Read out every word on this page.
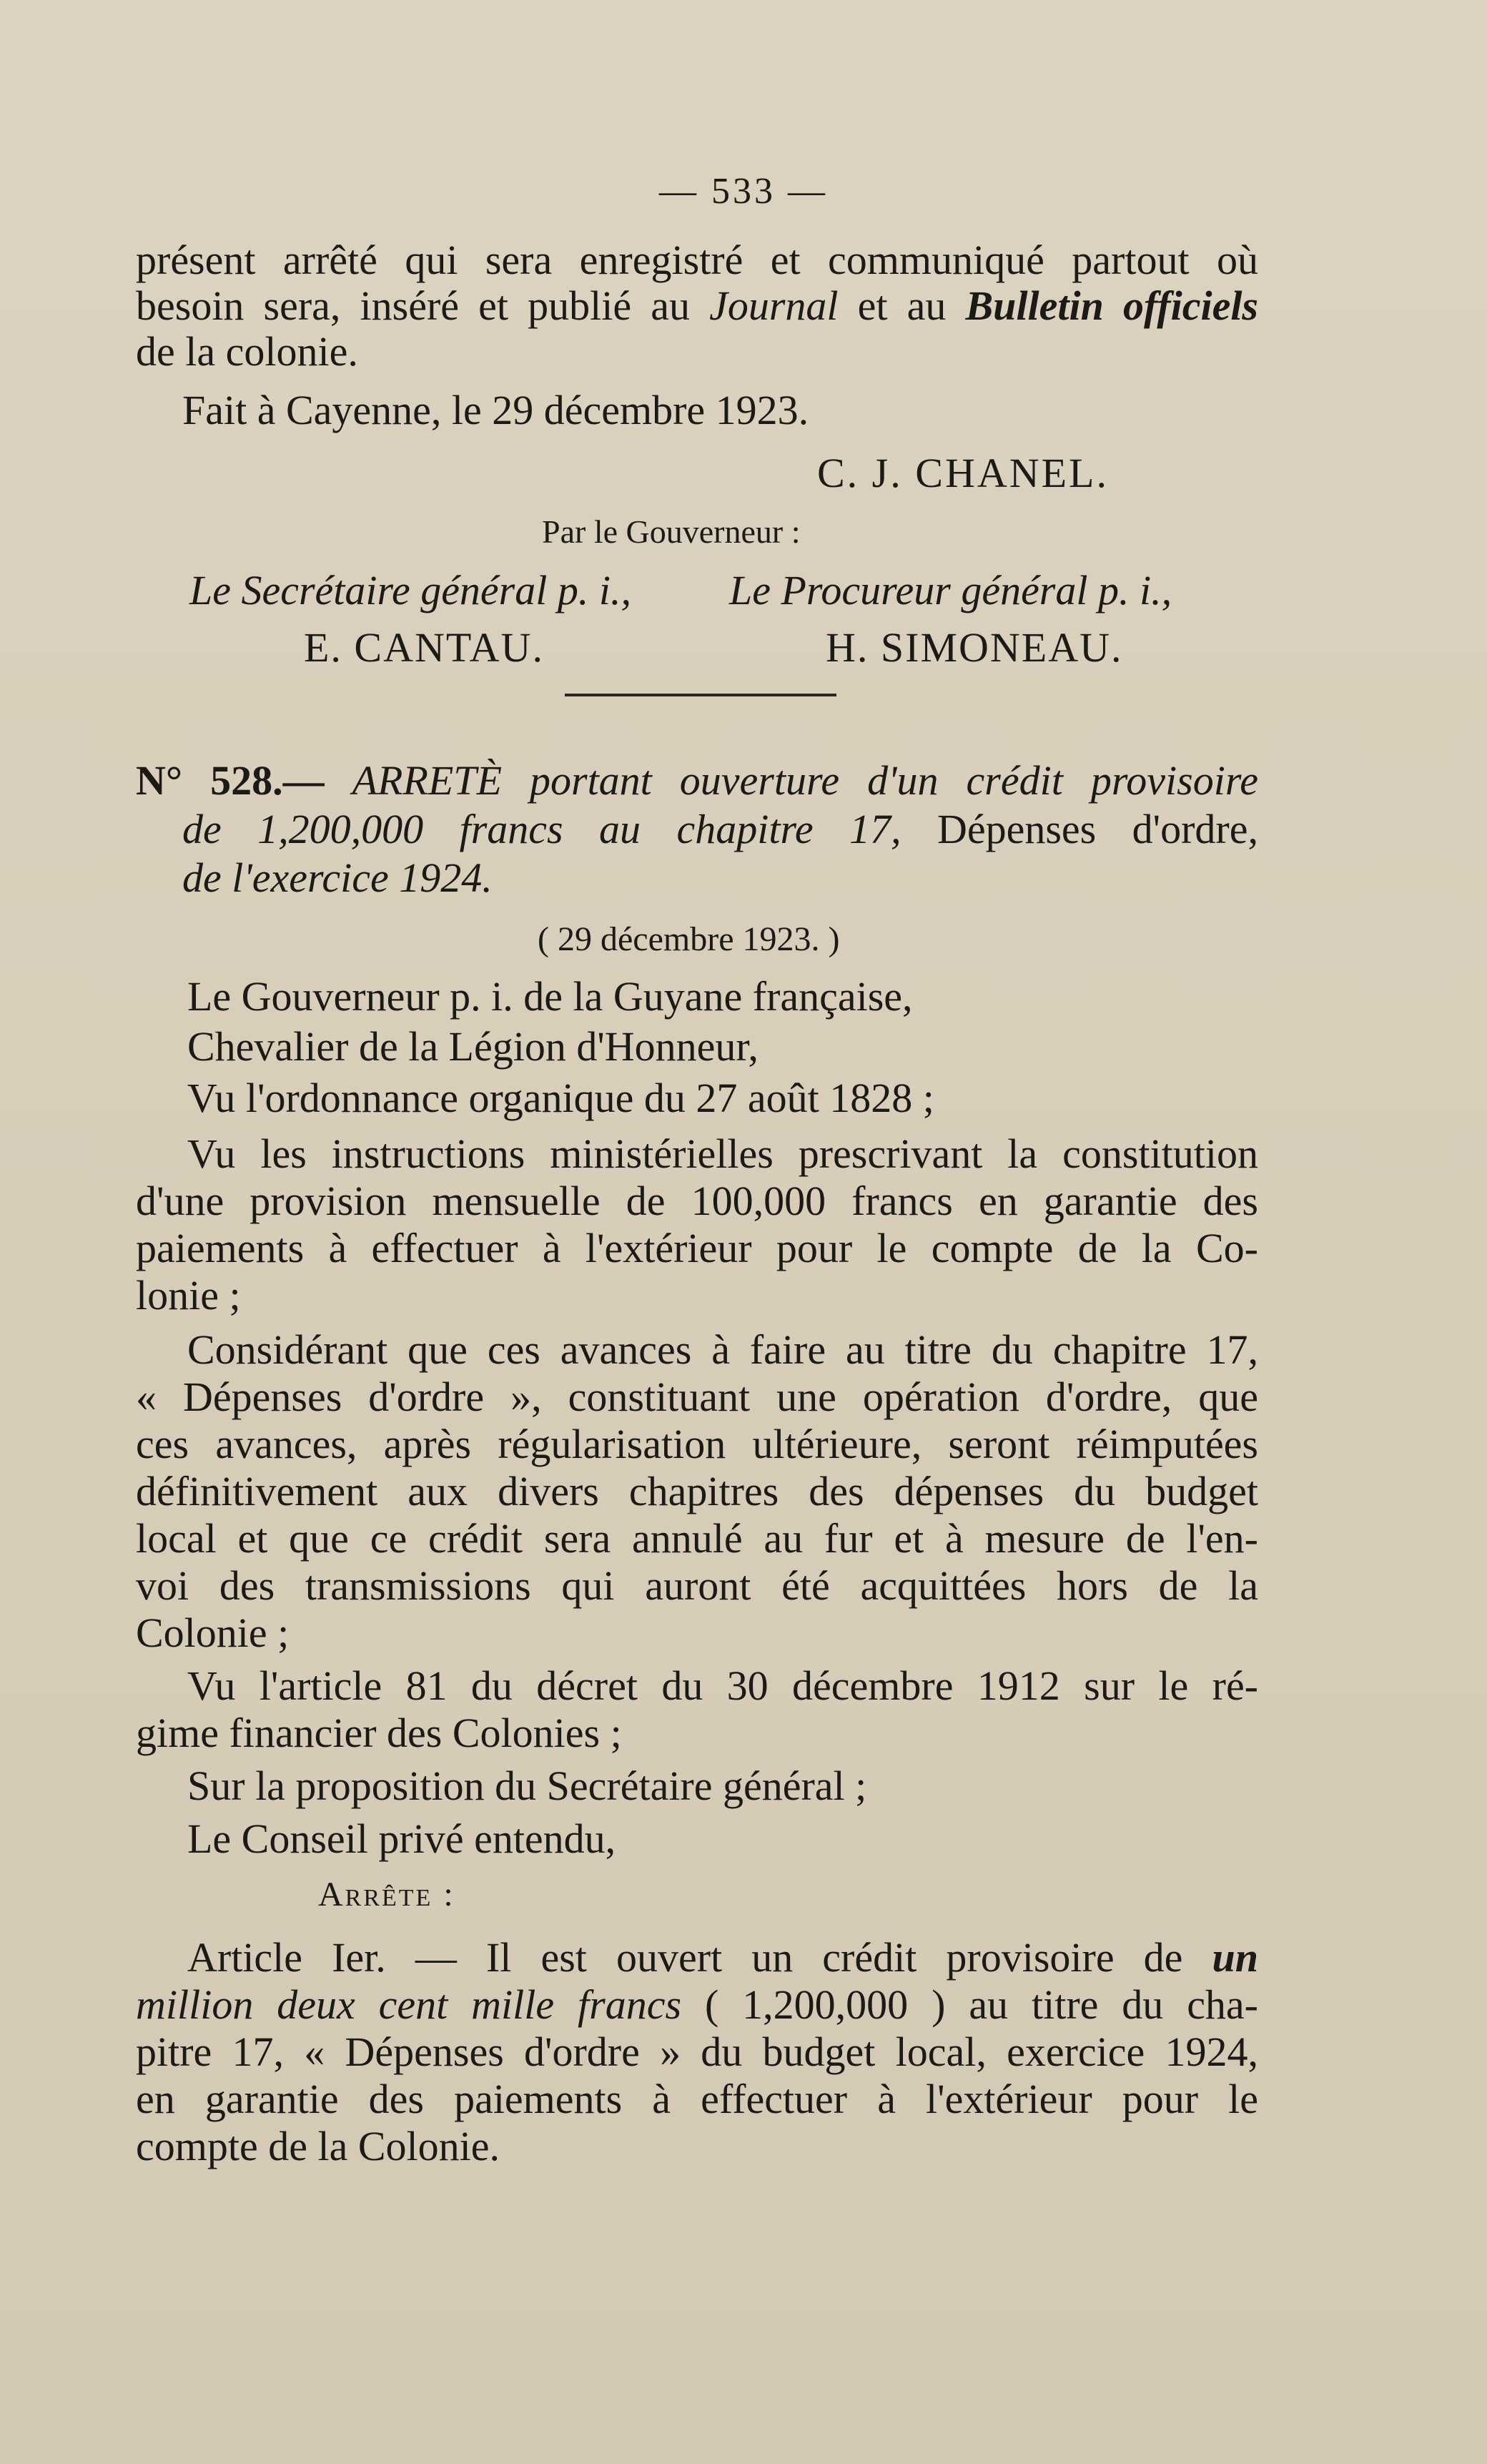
— 533 —
présent arrêté qui sera enregistré et communiqué partout où
besoin sera, inséré et publié au Journal et au Bulletin officiels
de la colonie.
Fait à Cayenne, le 29 décembre 1923.
C. J. CHANEL.
Par le Gouverneur :
Le Secrétaire général p. i., Le Procureur général p. i.,
E. CANTAU.	H. SIMONEAU.
N° 528.— ARRETÈ portant ouverture d'un crédit provisoire
de 1,200,000 francs au chapitre 17, Dépenses d'ordre,
de l'exercice 1924.
( 29 décembre 1923. )
Le Gouverneur p. i. de la Guyane française,
Chevalier de la Légion d'Honneur,
Vu l'ordonnance organique du 27 août 1828 ;
Vu les instructions ministérielles prescrivant la constitution
d'une provision mensuelle de 100,000 francs en garantie des
paiements à effectuer à l'extérieur pour le compte de la Co-
lonie ;
Considérant que ces avances à faire au titre du chapitre 17,
« Dépenses d'ordre », constituant une opération d'ordre, que
ces avances, après régularisation ultérieure, seront réimputées
définitivement aux divers chapitres des dépenses du budget
local et que ce crédit sera annulé au fur et à mesure de l'en-
voi des transmissions qui auront été acquittées hors de la
Colonie ;
Vu l'article 81 du décret du 30 décembre 1912 sur le ré-
gime financier des Colonies ;
Sur la proposition du Secrétaire général ;
Le Conseil privé entendu,
Arrête :
Article Ier. — Il est ouvert un crédit provisoire de un
million deux cent mille francs ( 1,200,000 ) au titre du cha-
pitre 17, « Dépenses d'ordre » du budget local, exercice 1924,
en garantie des paiements à effectuer à l'extérieur pour le
compte de la Colonie.
